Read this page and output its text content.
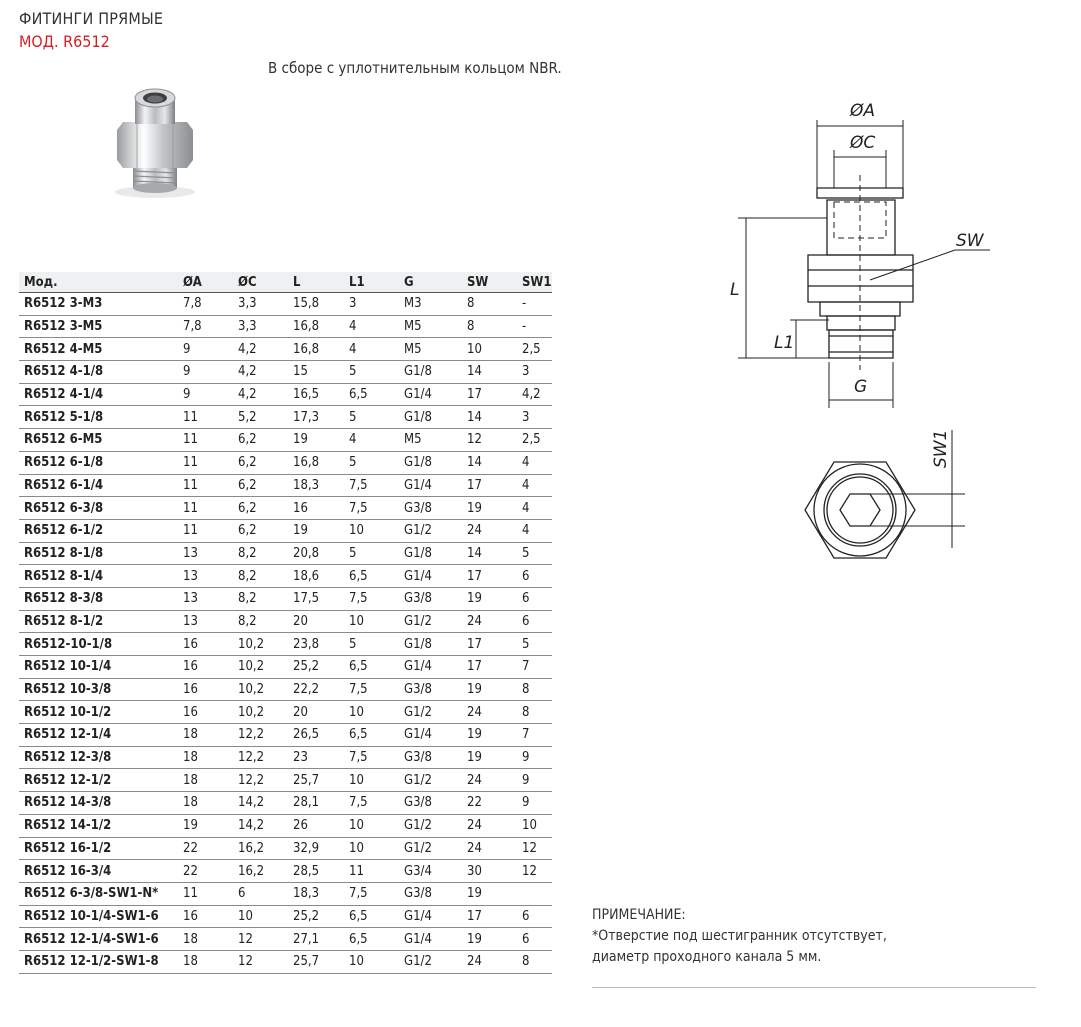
ФИТИНГИ ПРЯМЫЕ
МОД. R6512
В сборе с уплотнительным кольцом NBR.
ØA
ØC
SW
L
L1
G
SW1
Мод.	ØA	ØC	L	L1	G	SW	SW1
R6512 3-M3	7,8	3,3	15,8	3	M3	8	-
R6512 3-M5	7,8	3,3	16,8	4	M5	8	-
R6512 4-M5	9	4,2	16,8	4	M5	10	2,5
R6512 4-1/8	9	4,2	15	5	G1/8	14	3
R6512 4-1/4	9	4,2	16,5	6,5	G1/4	17	4,2
R6512 5-1/8	11	5,2	17,3	5	G1/8	14	3
R6512 6-M5	11	6,2	19	4	M5	12	2,5
R6512 6-1/8	11	6,2	16,8	5	G1/8	14	4
R6512 6-1/4	11	6,2	18,3	7,5	G1/4	17	4
R6512 6-3/8	11	6,2	16	7,5	G3/8	19	4
R6512 6-1/2	11	6,2	19	10	G1/2	24	4
R6512 8-1/8	13	8,2	20,8	5	G1/8	14	5
R6512 8-1/4	13	8,2	18,6	6,5	G1/4	17	6
R6512 8-3/8	13	8,2	17,5	7,5	G3/8	19	6
R6512 8-1/2	13	8,2	20	10	G1/2	24	6
R6512-10-1/8	16	10,2	23,8	5	G1/8	17	5
R6512 10-1/4	16	10,2	25,2	6,5	G1/4	17	7
R6512 10-3/8	16	10,2	22,2	7,5	G3/8	19	8
R6512 10-1/2	16	10,2	20	10	G1/2	24	8
R6512 12-1/4	18	12,2	26,5	6,5	G1/4	19	7
R6512 12-3/8	18	12,2	23	7,5	G3/8	19	9
R6512 12-1/2	18	12,2	25,7	10	G1/2	24	9
R6512 14-3/8	18	14,2	28,1	7,5	G3/8	22	9
R6512 14-1/2	19	14,2	26	10	G1/2	24	10
R6512 16-1/2	22	16,2	32,9	10	G1/2	24	12
R6512 16-3/4	22	16,2	28,5	11	G3/4	30	12
R6512 6-3/8-SW1-N*	11	6	18,3	7,5	G3/8	19	
R6512 10-1/4-SW1-6	16	10	25,2	6,5	G1/4	17	6
R6512 12-1/4-SW1-6	18	12	27,1	6,5	G1/4	19	6
R6512 12-1/2-SW1-8	18	12	25,7	10	G1/2	24	8
ПРИМЕЧАНИЕ:
*Отверстие под шестигранник отсутствует,
диаметр проходного канала 5 мм.
